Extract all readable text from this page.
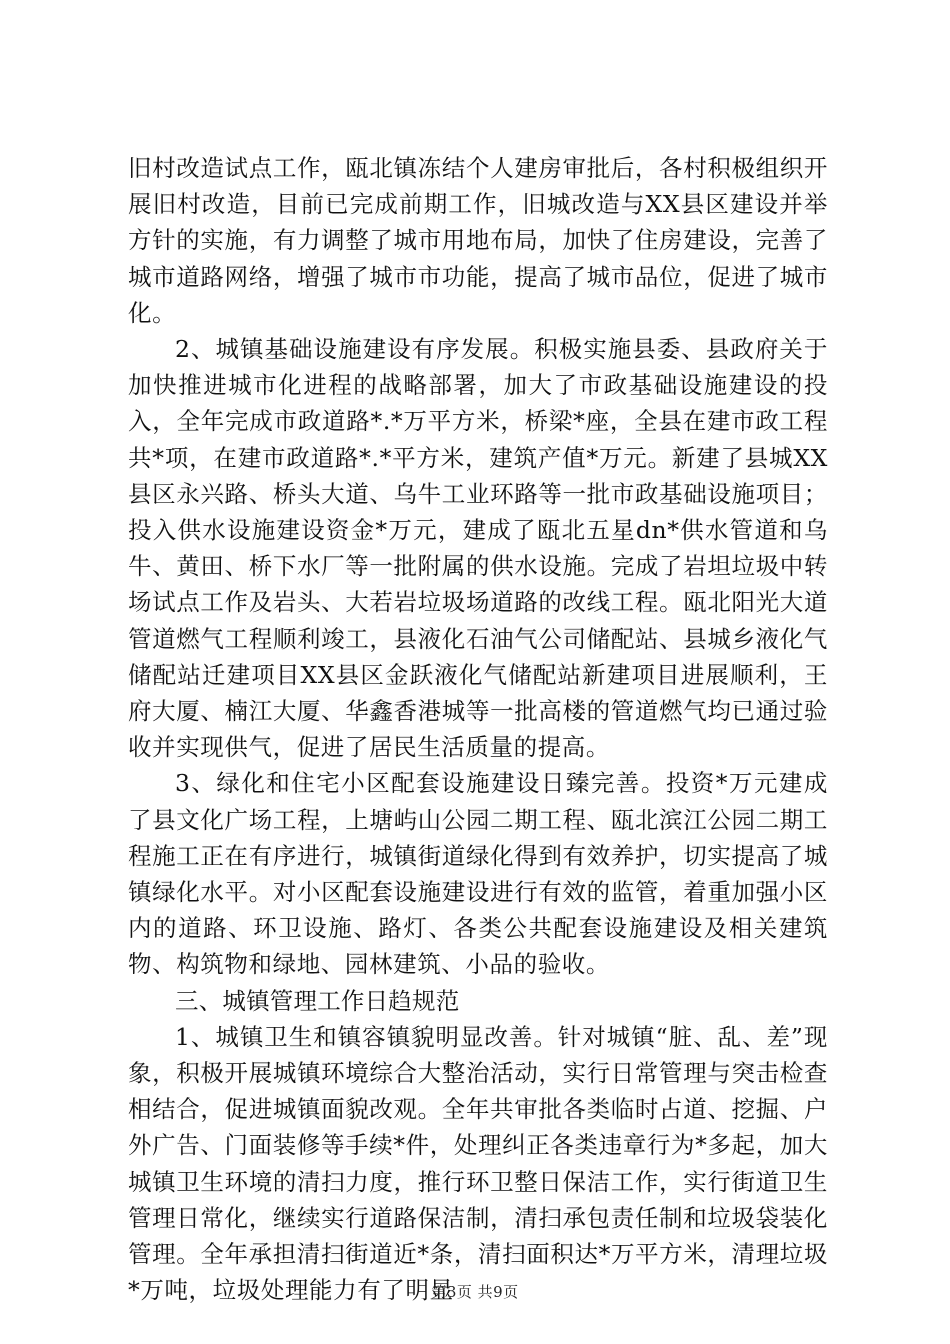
旧村改造试点工作，瓯北镇冻结个人建房审批后，各村积极组织开展旧村改造，目前已完成前期工作，旧城改造与XX县区建设并举方针的实施，有力调整了城市用地布局，加快了住房建设，完善了城市道路网络，增强了城市市功能，提高了城市品位，促进了城市化。

2、城镇基础设施建设有序发展。积极实施县委、县政府关于加快推进城市化进程的战略部署，加大了市政基础设施建设的投入，全年完成市政道路*.*万平方米，桥梁*座，全县在建市政工程共*项，在建市政道路*.*平方米，建筑产值*万元。新建了县城XX县区永兴路、桥头大道、乌牛工业环路等一批市政基础设施项目；投入供水设施建设资金*万元，建成了瓯北五星dn*供水管道和乌牛、黄田、桥下水厂等一批附属的供水设施。完成了岩坦垃圾中转场试点工作及岩头、大若岩垃圾场道路的改线工程。瓯北阳光大道管道燃气工程顺利竣工，县液化石油气公司储配站、县城乡液化气储配站迁建项目XX县区金跃液化气储配站新建项目进展顺利，王府大厦、楠江大厦、华鑫香港城等一批高楼的管道燃气均已通过验收并实现供气，促进了居民生活质量的提高。

3、绿化和住宅小区配套设施建设日臻完善。投资*万元建成了县文化广场工程，上塘屿山公园二期工程、瓯北滨江公园二期工程施工正在有序进行，城镇街道绿化得到有效养护，切实提高了城镇绿化水平。对小区配套设施建设进行有效的监管，着重加强小区内的道路、环卫设施、路灯、各类公共配套设施建设及相关建筑物、构筑物和绿地、园林建筑、小品的验收。

三、城镇管理工作日趋规范

1、城镇卫生和镇容镇貌明显改善。针对城镇“脏、乱、差”现象，积极开展城镇环境综合大整治活动，实行日常管理与突击检查相结合，促进城镇面貌改观。全年共审批各类临时占道、挖掘、户外广告、门面装修等手续*件，处理纠正各类违章行为*多起，加大城镇卫生环境的清扫力度，推行环卫整日保洁工作，实行街道卫生管理日常化，继续实行道路保洁制，清扫承包责任制和垃圾袋装化管理。全年承担清扫街道近*条，清扫面积达*万平方米，清理垃圾*万吨，垃圾处理能力有了明显

第3页 共9页
